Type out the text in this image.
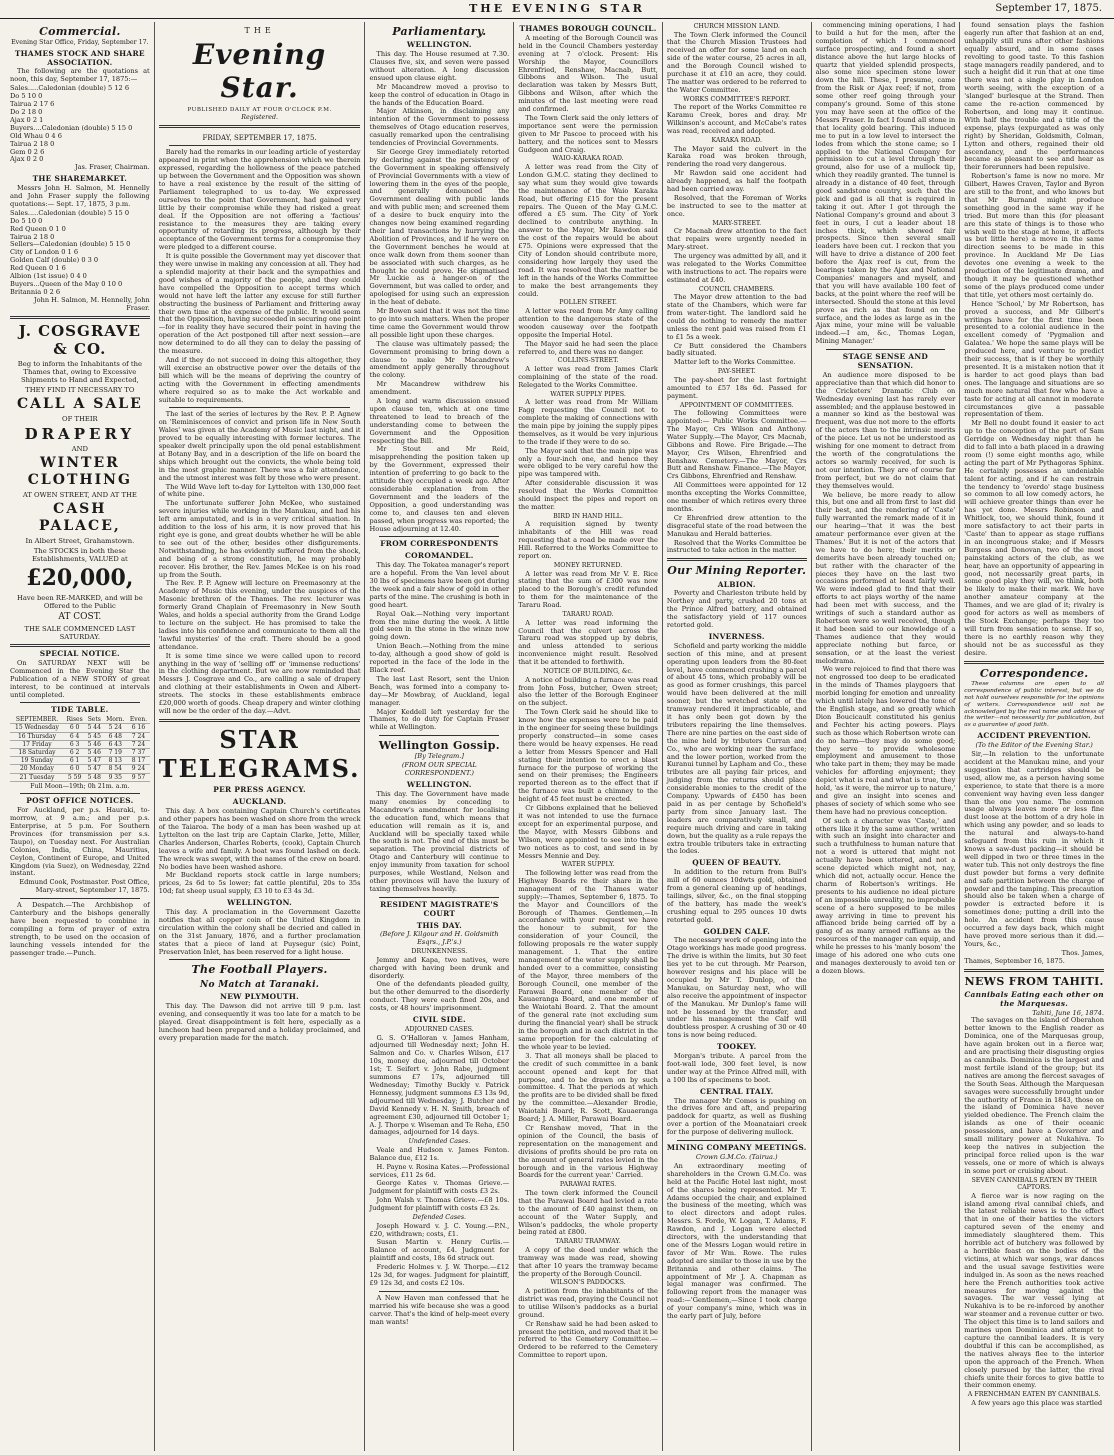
THE EVENING STAR	September 17, 1875.
Commercial.
Evening Star Office, Friday, September 17.
THAMES STOCK AND SHARE ASSOCIATION.

The following are the quotations at noon, this day, September 17, 1875:—

Sales.....Caledonian (double) 5 12 6
Do 5 10 0
Tairua 2 17 6
Do 2 18 0
Ajax 0 2 1
Buyers....Caledonian (double) 5 15 0
Old Whau 0 4 6
Tairua 2 18 0
Gem 0 2 6
Ajax 0 2 0
Jas. Fraser, Chairman.
THE SHAREMARKET.

Messrs John H. Salmon, M. Hennelly and John Fraser supply the following quotations:— Sept. 17, 1875, 3 p.m.

Sales.....Caledonian (double) 5 15 0
Do 5 10 0
Red Queen 0 1 0
Tairua 2 18 0
Sellers—Caledonian (double) 5 15 0
City of London 0 1 6
Golden Calf (double) 0 3 0
Red Queen 0 1 6
Albion (1st issue) 0 4 0
Buyers...Queen of the May 0 10 0
Britannia 0 2 6
John H. Salmon, M. Hennelly, John Fraser.
J. COSGRAVE & CO.
Beg to inform the Inhabitants of the Thames that, owing to Excessive Shipments to Hand and Expected,
THEY FIND IT NECESSARY TO
CALL A SALE
OF THEIR
DRAPERY
AND
WINTER CLOTHING
AT OWEN STREET, AND AT THE
CASH PALACE,
In Albert Street, Grahamstown.
The STOCKS in both these Establishments, VALUED at
£20,000,
Have been RE-MARKED, and will be Offered to the Public
AT COST.
THE SALE COMMENCED LAST SATURDAY.
SPECIAL NOTICE.

On SATURDAY NEXT will be Commenced in the Evening Star the Publication of a NEW STORY of great interest, to be continued at intervals until completed.

TIDE TABLE.
SEPTEMBER.	Rises	Sets	Morn.	Even.
15 Wednesday	6 0	5 44	5 24	6 16
16 Thursday	6 4	5 45	6 48	7 24
17 Friday	6 3	5 46	6 43	7 24
18 Saturday	6 2	5 46	7 19	7 37
19 Sunday	6 1	5 47	8 13	8 17
20 Monday	6 0	5 47	8 54	9 24
21 Tuesday	5 59	5 48	9 35	9 57
Full Moon—19th; 0h 21m. a.m.
POST OFFICE NOTICES.

For Auckland, per p.s. Hauraki, to-morrow, at 9 a.m.; and per p.s. Enterprise, at 5 p.m. For Southern Provinces (for transmission per s.s. Taupo), on Tuesday next. For Australian Colonies, India, China, Mauritius, Ceylon, Continent of Europe, and United Kingdom (via Suez), on Wednesday, 22nd instant.

Edmund Cook, Postmaster. Post Office, Mary-street, September 17, 1875.

A Despatch.—The Archbishop of Canterbury and the bishops generally have been requested to combine in compiling a form of prayer of extra strength, to be used on the occasion of launching vessels intended for the passenger trade.—Punch.

THE
Evening Star.
PUBLISHED DAILY AT FOUR O'CLOCK P.M.
Registered.
FRIDAY, SEPTEMBER 17, 1875.

Barely had the remarks in our leading article of yesterday appeared in print when the apprehension which we therein expressed, regarding the hollowness of the peace patched up between the Government and the Opposition was shown to have a real existence by the result of the sitting of Parliament telegraphed to us to-day. We expressed ourselves to the point that Government, had gained very little by their compromise while they had risked a great deal. If the Opposition are not offering a 'factious' resistance to the measures they are taking every opportunity of retarding its progress, although by their acceptance of the Government terms for a compromise they were pledged to a different course.

It is quite possible the Government may yet discover that they were unwise in making any concession at all. They had a splendid majority at their back and the sympathies and good wishes of a majority of the people, and they could have compelled the Opposition to accept terms which would not have left the latter any excuse for still further obstructing the business of Parliament and frittering away their own time at the expense of the public. It would seem that the Opposition, having succeeded in securing one point—for in reality they have secured their point in having the operation of the Act postponed till after next session—are now determined to do all they can to delay the passing of the measure.

And if they do not succeed in doing this altogether, they will exercise an obstructive power over the details of the bill which will be the means of depriving the country of acting with the Government in effecting amendments where required so as to make the Act workable and suitable to requirements.

The last of the series of lectures by the Rev. P. P. Agnew on 'Reminiscences of convict and prison life in New South Wales' was given at the Academy of Music last night, and it proved to be equally interesting with former lectures. The speaker dwelt principally upon the old penal establishment at Botany Bay, and in a description of the life on board the ships which brought out the convicts, the whole being told in the most graphic manner. There was a fair attendance, and the utmost interest was felt by those who were present.

The Wild Wave left to-day for Lyttelton with 130,000 feet of white pine.

The unfortunate sufferer John McKee, who sustained severe injuries while working in the Manukau, and had his left arm amputated, and is in a very critical situation. In addition to the loss of his arm, it is now proved that his right eye is gone, and great doubts whether he will be able to see out of the other, besides other disfigurements. Notwithstanding, he has evidently suffered from the shock, and being of a strong constitution, he may probably recover. His brother, the Rev. James McKee is on his road up from the South.

The Rev. P. P. Agnew will lecture on Freemasonry at the Academy of Music this evening, under the auspices of the Masonic brethren of the Thames. The rev. lecturer was formerly Grand Chaplain of Freemasonry in New South Wales, and holds a special authority from the Grand Lodge to lecture on the subject. He has promised to take the ladies into his confidence and communicate to them all the 'lawful mysteries' of the craft. There should be a good attendance.

It is some time since we were called upon to record anything in the way of 'selling off' or 'immense reductions' in the clothing department. But we are now reminded that Messrs J. Cosgrave and Co., are calling a sale of drapery and clothing at their establishments in Owen and Albert-streets. The stocks in these establishments embrace £20,000 worth of goods. Cheap drapery and winter clothing will now be the order of the day.—Advt.

STAR TELEGRAMS.
PER PRESS AGENCY.
AUCKLAND.

This day. A box containing Captain Church's certificates and other papers has been washed on shore from the wreck of the Taiaroa. The body of a man has been washed up at Lyttelton on the last trip are Captain Clarke, Jette, Miller, Charles Anderson, Charles Roberts, (cook), Captain Church leaves a wife and family. A boat was found lashed on deck. The wreck was swept, with the names of the crew on board. No bodies have been washed ashore.

Mr Buckland reports stock cattle in large numbers; prices, 2s 6d to 5s lower; fat cattle plentiful, 20s to 35s 10d; fat sheep usual supply, £3 10 to £3 4s 3d.

WELLINGTON.

This day. A proclamation in the Government Gazette notifies that all copper coin of the United Kingdom in circulation within the colony shall be decried and called in on the 31st January, 1876, and a further proclamation states that a piece of land at Puysegur (sic) Point, Preservation Inlet, has been reserved for a light house.

The Football Players.
No Match at Taranaki.
NEW PLYMOUTH.

This day. The Dawson did not arrive till 9 p.m. last evening, and consequently it was too late for a match to be played. Great disappointment is felt here, especially as a luncheon had been prepared and a holiday proclaimed, and every preparation made for the match.

Parliamentary.
WELLINGTON.

This day. The House resumed at 7.30. Clauses five, six, and seven were passed without alteration. A long discussion ensued upon clause eight.

Mr Macandrew moved a proviso to keep the control of education in Otago in the hands of the Education Board.

Major Atkinson, in disclaiming any intention of the Government to possess themselves of Otago education reserves, casually remarked upon the centralising tendencies of Provincial Governments.

Sir George Grey immediately retorted by declaring against the persistency of the Government in speaking offensively of Provincial Governments with a view of lowering them in the eyes of the people, and generally denounced the Government dealing with public lands and with public men; and screened them of a desire to buck enquiry into the changes now being examined regarding their land transactions by hurrying the Abolition of Provinces, and if he were on the Government benches he would at once walk down from them sooner than be associated with such charges, as he thought he could prove. He stigmatised Mr Luckie as a hanger-on of the Government, but was called to order, and apologised for using such an expression in the heat of debate.

Mr Bowen said that it was not the time to go into such matters. When the proper time came the Government would throw all possible light upon these charges.

The clause was ultimately passed; the Government promising to bring down a clause to make Mr Macandrew's amendment apply generally throughout the colony.

Mr Macandrew withdrew his amendment.

A long and warm discussion ensued upon clause ten, which at one time threatened to lead to breach of the understanding come to between the Government and the Opposition respecting the Bill.

Mr Stout and Mr Reid, misapprehending the position taken up by the Government, expressed their intention of preferring to go back to the attitude they occupied a week ago. After considerable explanation from the Government and the leaders of the Opposition, a good understanding was come to, and clauses ten and eleven passed, when progress was reported; the House adjourning at 12.40.

FROM CORRESPONDENTS
COROMANDEL.

This day. The Tokatea manager's report are a hopeful. From the Van level about 30 lbs of specimens have been got during the week and a fair show of gold in other parts of the mine. The crushing is both in good heart.

Royal Oak.—Nothing very important from the mine during the week. A little gold seen in the stone in the winze now going down.

Union Beach.—Nothing from the mine to-day, although a good show of gold is reported in the face of the lode in the Black reef.

The last Last Resort, sent the Union Beach, was formed into a company to-day—Mr Mowbray, of Auckland, legal manager.

Major Keddell left yesterday for the Thames, to do duty for Captain Fraser while at Wellington.

Wellington Gossip.
[By Telegram.]
(FROM OUR SPECIAL CORRESPONDENT.)
WELLINGTON.

This day. The Government have made many enemies by conceding to Macandrew's amendment for localising the education fund, which means that education will remain as it is, and Auckland will be specially taxed while the south is not. The end of this must be separation. The provincial districts of Otago and Canterbury will continue to enjoy immunity from taxation for school purposes, while Westland, Nelson and other provinces will have the luxury of taxing themselves heavily.

RESIDENT MAGISTRATE'S COURT
THIS DAY.
(Before J. Kilgour and H. Goldsmith Esqrs., J.P.'s.)
DRUNKENNESS.

Jemmy and Kapa, two natives, were charged with having been drunk and disorderly.

One of the defendants pleaded guilty, but the other demurred to the disorderly conduct. They were each fined 20s, and costs, or 48 hours' imprisonment.

CIVIL SIDE.
ADJOURNED CASES.

G. S. O'Halloran v. James Hanham, adjourned till Wednesday next; John H. Salmon and Co. v. Charles Wilson, £17 10s, money due, adjourned till October 1st; T. Seifert v. John Rabe, judgment summons £7 17s, adjourned till Wednesday; Timothy Buckly v. Patrick Hennessy, judgment summons £3 13s 9d, adjourned till Wednesday; J. Butcher and David Kennedy v. H. N. Smith, breach of agreement £30, adjourned till October 1; A. J. Thorpe v. Wiseman and Te Reha, £50 damages, adjourned for 14 days.

Undefended Cases.

Veale and Hudson v. James Fenton. Balance due, £12 1s.

H. Payne v. Rosina Kates.—Professional services, £11 2s 6d.

George Kates v. Thomas Grieve.—Judgment for plaintiff with costs £3 2s.

John Walsh v. Thomas Grieve.—£8 10s. Judgment for plaintiff with costs £3 2s.

Defended Cases.

Joseph Howard v. J. C. Young.—P.N., £20, withdrawn; costs, £1.

Susan Martin v. Henry Curlis.—Balance of account, £4. Judgment for plaintiff and costs, 18s 6d struck out.

Frederic Holmes v. J. W. Thorpe.—£12 12s 3d, for wages. Judgment for plaintiff, £9 12s 3d, and costs £2 10s.

A New Haven man confessed that he married his wife because she was a good carver. That's the kind of help-meet every man wants!

THAMES BOROUGH COUNCIL.

A meeting of the Borough Council was held in the Council Chambers yesterday evening at 7 o'clock. Present: His Worship the Mayor, Councillors Ehrenfried, Renshaw, Macnab, Butt, Gibbons and Wilson. The usual declaration was taken by Messrs Butt, Gibbons and Wilson, after which the minutes of the last meeting were read and confirmed.

The Town Clerk said the only letters of importance sent were the permission given to Mr Pascoe to proceed with his battery, and the notices sent to Messrs Gudgeon and Craig.

WAIO-KARAKA ROAD.

A letter was read from the City of London G.M.C. stating they declined to say what sum they would give towards the maintenance of the Waio Karaka Road, but offering £15 for the present repairs. The Queen of the May G.M.C. offered a £5 sum. The City of York declined to contribute anything. In answer to the Mayor, Mr Rawdon said the cost of the repairs would be about £75. Opinions were expressed that the City of London should contribute more, considering how largely they used the road. It was resolved that the matter be left in the hands of the Works Committee to make the best arrangements they could.

POLLEN STREET.

A letter was read from Mr Amy calling attention to the dangerous state of the wooden causeway over the footpath opposite the Imperial Hotel.

The Mayor said he had seen the place referred to, and there was no danger.

COLLINS-STREET.

A letter was read from James Clark complaining of the state of the road. Relegated to the Works Committee.

WATER SUPPLY PIPES.

A letter was read from Mr William Fagg requesting the Council not to complete the making of connections with the main pipe by joining the supply pipes themselves, as it would be very injurious to the trade if they were to do so.

The Mayor said that the main pipe was only a four-inch one, and hence they were obliged to be very careful how the pipe was tampered with.

After considerable discussion it was resolved that the Works Committee should inspect the pipes and report on the matter.

BIRD IN HAND HILL.

A requisition signed by twenty inhabitants of the Hill was read requesting that a road be made over the Hill. Referred to the Works Committee to report on.

MONEY RETURNED.

A letter was read from Mr V. E. Rice stating that the sum of £300 was now placed to the Borough's credit refunded to them for the maintenance of the Tararu Road.

TARARU ROAD.

A letter was read informing the Council that the culvert across the Tararu road was stopped up by debris, and unless attended to serious inconvenience might result. Resolved that it be attended to forthwith.

NOTICE OF BUILDING, &c.

A notice of building a furnace was read from John Foss, butcher, Owen street; also the letter of the Borough Engineer on the subject.

The Town Clerk said he should like to know how the expenses were to be paid in the engineer for seeing these buildings properly constructed—in some cases there would be heavy expenses. He read a letter from Messrs Spencer and Hall stating their intention to erect a blast furnace for the purpose of working the send on their premises; the Engineers reported thereon as to the effect that if the furnace was built a chimney to the height of 45 feet must be erected.

Cr Gibbons explained that he believed it was not intended to use the furnace except for an experimental purpose, and the Mayor, with Messrs Gibbons and Wilson, were appointed to see into these two notices as to cost, and send in by Messrs Mennie and Dey.

WATER SUPPLY.

The following letter was read from the Highway Boards re their share in the management of the Thames water supply:—Thames, September 6, 1875. To the Mayor and Councillors of the Borough of Thames. Gentlemen,—In accordance with your request we have the honour to submit, for the consideration of your Council, the following proposals re the water supply management. 1. That the entire management of the water supply shall be handed over to a committee, consisting of the Mayor, three members of the Borough Council, one member of the Parawai Board, one member of the Kauaeranga Board, and one member of the Waiotahi Board. 2. That the amount of the general rate (not excluding sum during the financial year) shall be struck in the borough and in each district in the same proportion for the calculating of the whole year to be levied.

3. That all moneys shall be placed to the credit of such committee in a bank account opened and kept for that purpose, and to be drawn on by such committee. 4. That the periods at which the profits are to be divided shall be fixed by the committee.—Alexander Brodie, Waiotahi Board; R. Scott, Kauaeranga Board; J. A. Miller, Parawai Board.

Cr Renshaw moved, 'That in the opinion of the Council, the basis of representation on the management and divisions of profits should be pro rata on the amount of general rates levied in the borough and in the various Highway Boards for the current year.' Carried.

PARAWAI RATES.

The town clerk informed the Council that the Parawai Board had levied a rate to the amount of £40 against them, on account of the Water Supply, and Wilson's paddocks, the whole property being rated at £800.

TARARU TRAMWAY.

A copy of the deed under which the tramway was made was read, showing that after 10 years the tramway became the property of the Borough Council.

WILSON'S PADDOCKS.

A petition from the inhabitants of the district was read, praying the Council not to utilise Wilson's paddocks as a burial ground.

Cr Renshaw said he had been asked to present the petition, and moved that it be referred to the Cemetery Committee.—Ordered to be referred to the Cemetery Committee to report upon.

CHURCH MISSION LAND.

The Town Clerk informed the Council that the Church Mission Trustees had received an offer for some land on each side of the water course, 25 acres in all, and the Borough Council wished to purchase it at £10 an acre, they could. The matter was ordered to be referred to the Water Committee.

WORKS COMMITTEE'S REPORT.

The report of the Works Committee re Karamu Creek, bores and dray. Mr Wilkinson's account, and McCabe's rates was read, received and adopted.

KARAKA ROAD.

The Mayor said the culvert in the Karaka road was broken through, rendering the road very dangerous.

Mr Rawdon said one accident had already happened, as half the footpath had been carried away.

Resolved, that the Foreman of Works be instructed to see to the matter at once.

MARY-STREET.

Cr Macnab drew attention to the fact that repairs were urgently needed in Mary-street.

The urgency was admitted by all, and it was relegated to the Works Committee with instructions to act. The repairs were estimated at £40.

COUNCIL CHAMBERS.

The Mayor drew attention to the bad state of the Chambers, which were far from water-tight. The landlord said he could do nothing to remedy the matter unless the rent paid was raised from £1 to £1 5s a week.

Cr Butt considered the Chambers badly situated.

Matter left to the Works Committee.

PAY-SHEET.

The pay-sheet for the last fortnight amounted to £57 18s 6d. Passed for payment.

APPOINTMENT OF COMMITTEES.

The following Committees were appointed:— Public Works Committee.—The Mayor, Crs Wilson and Anthony. Water Supply.—The Mayor, Crs Macnab, Gibbons and Rowe. Fire Brigade.—The Mayor, Crs Wilson, Ehrenfried and Renshaw. Cemetery.—The Mayor, Crs Butt and Renshaw. Finance.—The Mayor, Crs Gibbons, Ehrenfried and Renshaw.

All Committees were appointed for 12 months excepting the Works Committee, one member of which retires every three months.

Cr Ehrenfried drew attention to the disgraceful state of the road between the Manukau and Herald batteries.

Resolved that the Works Committee be instructed to take action in the matter.

Our Mining Reporter.
ALBION.

Poverty and Charleston tribute held by Northey and party, crushed 20 tons at the Prince Alfred battery, and obtained the satisfactory yield of 117 ounces retorted gold.

INVERNESS.

Schofield and party working the middle section of this mine, and at present operating upon leaders from the 80-feet level, have commenced crushing a parcel of about 45 tons, which probably will be as good as former crushings, this parcel would have been delivered at the mill sooner, but the wretched state of the tramway rendered it impracticable, and it has only been got down by the tributers repairing the line themselves. There are nine parties on the east side of the mine held by tributers Curran and Co., who are working near the surface; and the lower portion, worked from the Kuranui tunnel by Lapham and Co., these tributes are all paying fair prices, and judging from the returns should place considerable monies to the credit of the Company. Upwards of £450 has been paid in as per centage by Schofield's party from since January last. The leaders are comparatively small, and require much driving and care in taking down, but the quality as a rule repays the extra trouble tributers take in extracting the lodes.

QUEEN OF BEAUTY.

In addition to the return from Bull's mill of 60 ounces 10dwts gold, obtained from a general cleaning up of headings, tailings, silver, &c., on the final stopping of the battery, has made the week's crushing equal to 295 ounces 10 dwts retorted gold.

GOLDEN CALF.

The necessary work of opening into the Otago workings has made good progress. The drive is within the limits, but 30 feet lies yet to be cut through. Mr Pearson, however resigns and his place will be occupied by Mr T. Dunlop, of the Manukau, on Saturday next, who will also receive the appointment of inspector of the Manukau. Mr Dunlop's fame will not be lessened by the transfer, and under his management the Calf will doubtless prosper. A crushing of 30 or 40 tons is now being reduced.

TOOKEY.

Morgan's tribute. A parcel from the foot-wall lode, 300 feet level, is now under way at the Prince Alfred mill, with a 100 lbs of specimens to boot.

CENTRAL ITALY.

The manager Mr Comes is pushing on the drives fore and aft, and preparing paddock for quartz, as well as flushing over a portion of the Moanataiari creek for the purpose of delivering mullock.

MINING COMPANY MEETINGS.
Crown G.M.Co. (Tairua.)

An extraordinary meeting of shareholders in the Crown G.M.Co. was held at the Pacific Hotel last night, most of the shares being represented. Mr T. Adams occupied the chair, and explained the business of the meeting, which was to elect directors and adopt rules. Messrs. S. Forde, W. Logan, T. Adams, F. Rawdon, and J. Logan were elected directors, with the understanding that one of the Messrs Logan would retire in favor of Mr Wm. Rowe. The rules adopted are similar to those in use by the Britannia and other claims. The appointment of Mr J. A. Chapman as legal manager was confirmed. The following report from the manager was read:—'Gentlemen,—Since I took charge of your company's mine, which was in the early part of July, before

commencing mining operations, I had to build a hut for the men, after the completion of which I commenced surface prospecting, and found a short distance above the hut large blocks of quartz that yielded splendid prospects, also some nice specimen stone lower down the hill. These, I presume, came from the Risk or Ajax reef; if not, from some other reef going through your company's ground. Some of this stone you may have seen at the office of the Messrs Fraser. In fact I found all stone in that locality gold bearing. This induced me to put in a low level to intersect the lodes from which the stone came; so I applied to the National Company for permission to cut a level through their ground, also for use of a mullock tip, which they readily granted. The tunnel is already in a distance of 40 feet, through good sandstone country, such that the pick and gad is all that is required in taking it out. After I got through the National Company's ground and about 3 feet in ours, I cut a leader about 18 inches thick, which showed fair prospects. Since then several small leaders have been cut. I reckon that you will have to drive a distance of 200 feet before the Ajax reef is cut, from the bearings taken by the Ajax and National Companies' managers and myself, and that you will have available 100 feet of backs, at the point where the reef will be intersected. Should the stone at this level prove as rich as that found on the surface, and the lodes as large as in the Ajax mine, your mine will be valuable indeed.—I am, &c., Thomas Logan, Mining Manager.'

STAGE SENSE AND SENSATION.

An audience more disposed to be appreciative than that which did honor to the Cricketers' Dramatic Club on Wednesday evening last has rarely ever assembled; and the applause bestowed in a manner so kind as the bestowal was frequent, was due not more to the efforts of the actors than to the intrinsic merits of the piece. Let us not be understood as wishing for one moment to detract from the worth of the congratulations the actors so warmly received, for such is not our intention. They are of course far from perfect, but we do not claim that they themselves would.

We believe, be more ready to allow this, but one and all from first to last did their best, and the rendering of 'Caste' fully warranted the remark made of it in our hearing—'that it was the best amateur performance ever given at the Thames.' But it is not of the actors that we have to do here; their merits or demerits have been already touched on; but rather with the character of the pieces they have on the last two occasions performed at least fairly well. We were indeed glad to find that their efforts to act plays worthy of the name had been met with success, and the writings of such a standard author as Robertson were so well received, though it had been said to our knowledge of a Thames audience that they would appreciate nothing but farce, or sensation, or at the least the veriest melodrama.

We were rejoiced to find that there was not engrossed too deep to be eradicated in the minds of Thames playgoers that morbid longing for emotion and unreality which until lately has lowered the tone of the English stage, and so greatly which Dion Boucicault constituted his genius and Fechter his acting powers. Plays such as those which Robertson wrote can do no harm—they may do some good; they serve to provide wholesome employment and amusement to those who take part in them; they may be made vehicles for affording enjoyment; they depict what is real and what is true, they hold, 'as it were, the mirror up to nature,' and give an insight into scenes and phases of society of which some who see them have had no previous conception.

Of such a character was 'Caste,' and others like it by the same author, written with such an insight into character and such a truthfulness to human nature that not a word is uttered that might not actually have been uttered, and not a scene depicted which might not, nay, which did not, actually occur. Hence the charm of Robertson's writings. He presents to his audience no ideal picture of an impossible unreality, no improbable scene of a hero supposed to be miles away arriving in time to prevent his affianced bride being carried off by a gang of as many armed ruffians as the resources of the manager can equip, and while he presses to his 'manly bosom' the image of his adored one who cuts one and manages dexterously to avoid ten or a dozen blows.

found sensation plays the fashion eagerly run after that fashion at an end, unhappily still runs after other fashions equally absurd, and in some cases revolting to good taste. To this fashion stage managers readily pandered, and to such a height did it run that at one time there was not a single play in London worth seeing, with the exception of a 'slanged' burlesque at the Strand. Then came the re-action commenced by Robertson, and long may it continue. With half the trouble and a title of the expense, plays (expurgated as was only right) by Sheridan, Goldsmith, Colman, Lytton and others, regained their old ascendancy, and the performances became as pleasant to see and hear as their forerunners had been repulsive.

Robertson's fame is now no more. Mr Gilbert, Hawes Craven, Taylor and Byron are still to the front, and who knows but that Mr Burnand might produce something good in the same way if he tried. But more than this (for pleasant are this state of things is to those who wish well to the stage at home, it affects us but little here) a move in the same direction seems to be made in this province. In Auckland Mr De Lias devotes one evening a week to the production of the legitimate drama, and though it may be questioned whether some of the plays produced come under that title, yet others most certainly do.

Hence 'School,' by Mr Robertson, has proved a success, and Mr Gilbert's writings have for the first time been presented to a colonial audience in the excellent comedy of 'Pygmalion and Galatea.' We hope the same plays will be produced here, and venture to predict their success, that is if they be worthily presented. It is a mistaken notion that it is harder to act good plays than bad ones. The language and situations are so much more natural that few who have a taste for acting at all cannot in moderate circumstances give a passable representation of them.

Mr Bell no doubt found it easier to act up to the conception of the part of Sam Gerridge on Wednesday night than he did to fall into a bath placed in a drawing room (!) some eight months ago, while acting the part of Mr Pythagoras Sphinx. He certainly possesses an undeniable talent for acting, and if he can restrain the tendency to 'overdo' stage business so common to all low comedy actors, he will achieve greater things than ever he has yet done. Messrs Robinson and Whitlock, too, we should think, found it more satisfactory to act their parts in 'Caste' than to appear as stage ruffians in an incongruous stake; and if Messrs Burgess and Donovan, two of the most painstaking actors of the club, as we hear, have an opportunity of appearing in good, not necessarily great parts, in some good play they will, we think, both be likely to make their mark. We have another amateur company at the Thames, and we are glad of it; rivalry is good for actors as well as members of the Stock Exchange; perhaps they too will turn from sensation to sense. If so, there is no earthly reason why they should not be as successful as they desire.

Correspondence.

These columns are open to all correspondence of public interest, but we do not hold ourselves responsible for the opinions of writers. Correspondence will not be acknowledged by the real name and address of the writer—not necessarily for publication, but as a guarantee of good faith.

ACCIDENT PREVENTION.
(To the Editor of the Evening Star.)

Sir,—In relation to the unfortunate accident at the Manukau mine, and your suggestion that cartridges should be used, allow me, as a person having some experience, to state that there is a more convenient way having even less danger than the one you name. The common usage always leaves more or less fine dust loose at the bottom of a dry hole in which using any powder, and so leads to the natural and always-to-hand safeguard from this ruin in which it knows a saw-dust packing—it should be well dipped in two or three times in the water tub. This not only destroys the fine dust powder but forms a very definite and safe partition between the charge of powder and the tamping. This precaution should also be taken when a charge of powder is extracted before it is sometimes done; putting a drill into the hole. An accident from this cause occurred a few days back, which might have proved more serious than it did.—Yours, &c.,

Thos. James,
Thames, September 16, 1875.
NEWS FROM TAHITI.
Cannibals Eating each other on the Marquesas.
Tahiti, June 16, 1874.

The savages on the island of Oberahon better known to the English reader as Dominica, one of the Marquesas group, have again broken out in a fierce war, and are practising their disgusting orgies as cannibals. Dominica is the largest and most fertile island of the group; but its natives are among the fiercest savages of the South Seas. Although the Marquesan savages were successfully brought under the authority of France in 1843, those on the island of Dominica have never yielded obedience. The French claim the islands as one of their oceanic possessions, and have a Governor and small military power at Nukahiva. To keep the natives in subjection the principal force relied upon is the war vessels, one or more of which is always in some port or cruising about.

SEVEN CANNIBALS EATEN BY THEIR CAPTORS.

A fierce war is now raging on the island among rival cannibal chiefs, and the latest reliable news is to the effect that in one of their battles the victors captured seven of the enemy and immediately slaughtered them. This horrible act of butchery was followed by a horrible feast on the bodies of the victims, at which war songs, war dances and the usual savage festivities were indulged in. As soon as the news reached here the French authorities took active measures for moving against the savages. The war vessel lying at Nukahiva is to be re-inforced by another war steamer and a revenue cutter or two. The object this time is to land sailors and marines upon Dominica and attempt to capture the cannibal leaders. It is very doubtful if this can be accomplished, as the natives always flee to the interior upon the approach of the French. When closely pursued by the latter, the rival chiefs unite their forces to give battle to their common enemy.

A FRENCHMAN EATEN BY CANNIBALS.

A few years ago this place was startled
